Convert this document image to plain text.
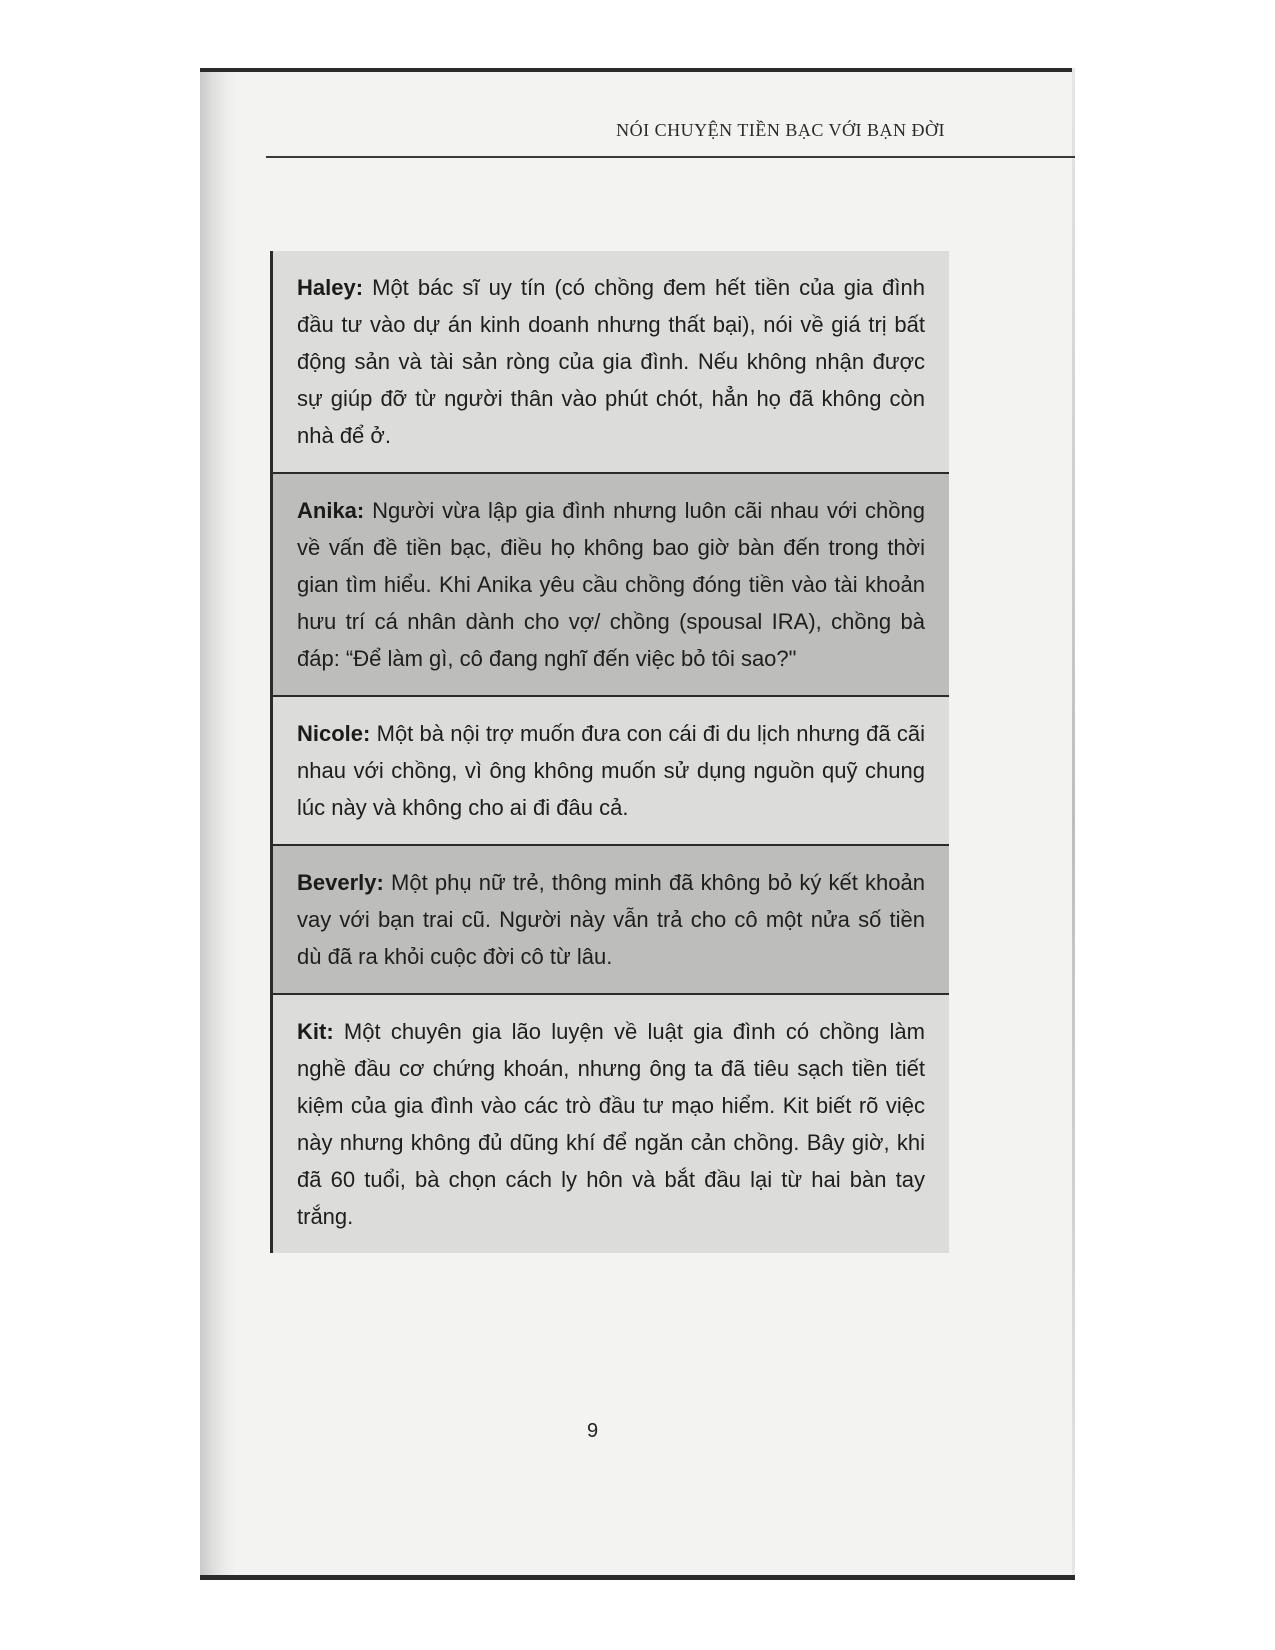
NÓI CHUYỆN TIỀN BẠC VỚI BẠN ĐỜI
Haley: Một bác sĩ uy tín (có chồng đem hết tiền của gia đình đầu tư vào dự án kinh doanh nhưng thất bại), nói về giá trị bất động sản và tài sản ròng của gia đình. Nếu không nhận được sự giúp đỡ từ người thân vào phút chót, hẳn họ đã không còn nhà để ở.
Anika: Người vừa lập gia đình nhưng luôn cãi nhau với chồng về vấn đề tiền bạc, điều họ không bao giờ bàn đến trong thời gian tìm hiểu. Khi Anika yêu cầu chồng đóng tiền vào tài khoản hưu trí cá nhân dành cho vợ/ chồng (spousal IRA), chồng bà đáp: “Để làm gì, cô đang nghĩ đến việc bỏ tôi sao?"
Nicole: Một bà nội trợ muốn đưa con cái đi du lịch nhưng đã cãi nhau với chồng, vì ông không muốn sử dụng nguồn quỹ chung lúc này và không cho ai đi đâu cả.
Beverly: Một phụ nữ trẻ, thông minh đã không bỏ ký kết khoản vay với bạn trai cũ. Người này vẫn trả cho cô một nửa số tiền dù đã ra khỏi cuộc đời cô từ lâu.
Kit: Một chuyên gia lão luyện về luật gia đình có chồng làm nghề đầu cơ chứng khoán, nhưng ông ta đã tiêu sạch tiền tiết kiệm của gia đình vào các trò đầu tư mạo hiểm. Kit biết rõ việc này nhưng không đủ dũng khí để ngăn cản chồng. Bây giờ, khi đã 60 tuổi, bà chọn cách ly hôn và bắt đầu lại từ hai bàn tay trắng.
9
